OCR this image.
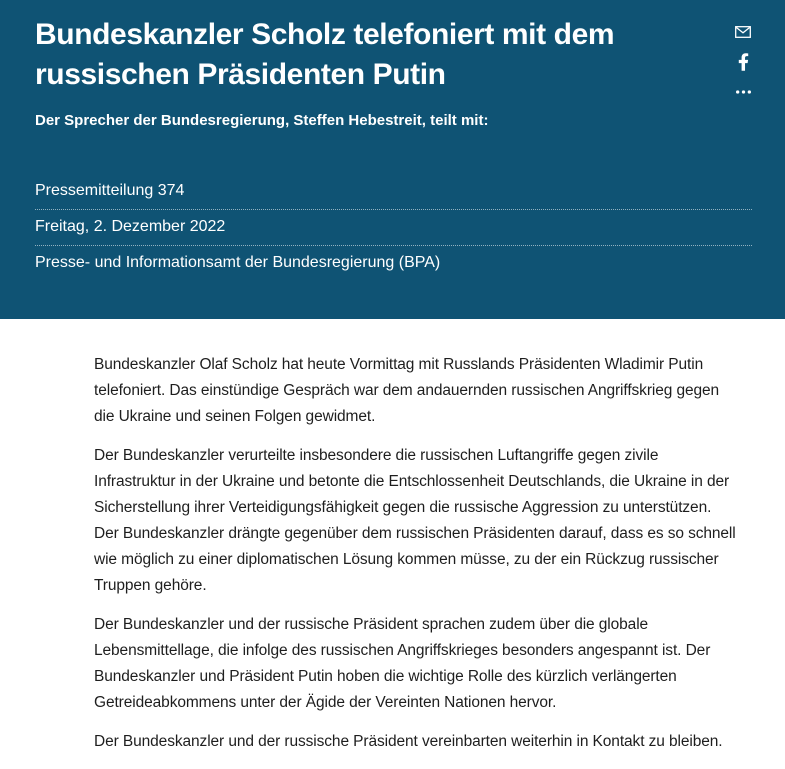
Bundeskanzler Scholz telefoniert mit dem russischen Präsidenten Putin

Der Sprecher der Bundesregierung, Steffen Hebestreit, teilt mit:

Pressemitteilung 374
Freitag, 2. Dezember 2022
Presse- und Informationsamt der Bundesregierung (BPA)

Bundeskanzler Olaf Scholz hat heute Vormittag mit Russlands Präsidenten Wladimir Putin telefoniert. Das einstündige Gespräch war dem andauernden russischen Angriffskrieg gegen die Ukraine und seinen Folgen gewidmet.

Der Bundeskanzler verurteilte insbesondere die russischen Luftangriffe gegen zivile Infrastruktur in der Ukraine und betonte die Entschlossenheit Deutschlands, die Ukraine in der Sicherstellung ihrer Verteidigungsfähigkeit gegen die russische Aggression zu unterstützen. Der Bundeskanzler drängte gegenüber dem russischen Präsidenten darauf, dass es so schnell wie möglich zu einer diplomatischen Lösung kommen müsse, zu der ein Rückzug russischer Truppen gehöre.

Der Bundeskanzler und der russische Präsident sprachen zudem über die globale Lebensmittellage, die infolge des russischen Angriffskrieges besonders angespannt ist. Der Bundeskanzler und Präsident Putin hoben die wichtige Rolle des kürzlich verlängerten Getreideabkommens unter der Ägide der Vereinten Nationen hervor.

Der Bundeskanzler und der russische Präsident vereinbarten weiterhin in Kontakt zu bleiben.
